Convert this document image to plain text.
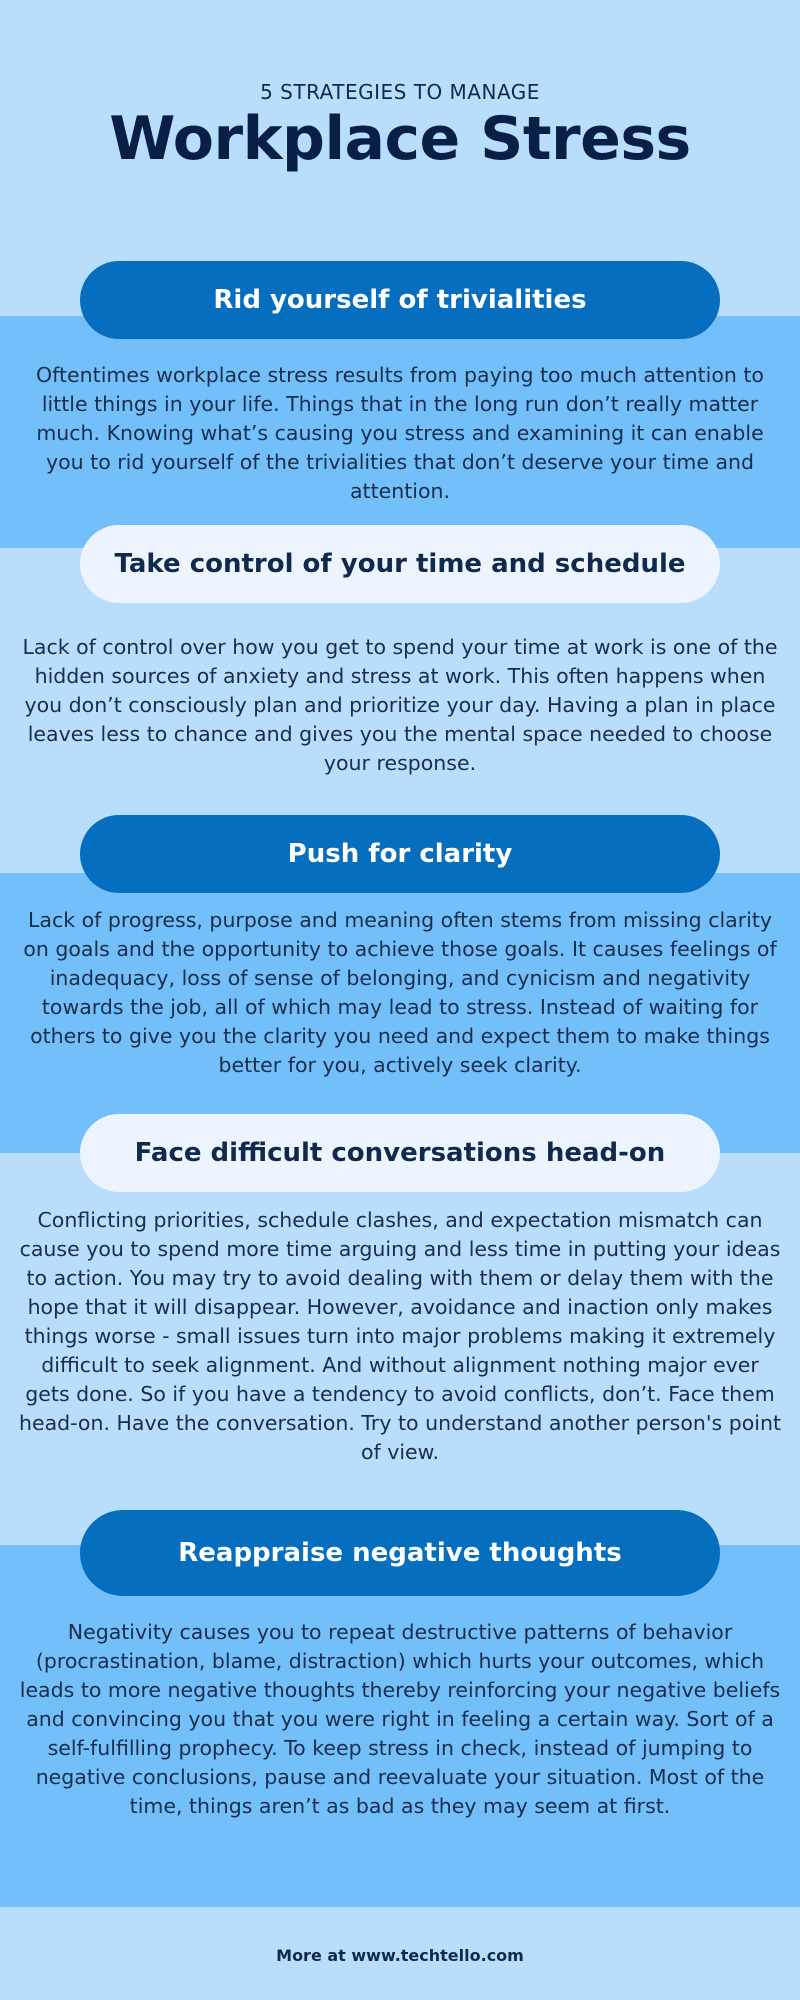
5 STRATEGIES TO MANAGE
Workplace Stress
Rid yourself of trivialities

Oftentimes workplace stress results from paying too much attention to little things in your life. Things that in the long run don’t really matter much. Knowing what’s causing you stress and examining it can enable you to rid yourself of the trivialities that don’t deserve your time and attention.

Take control of your time and schedule

Lack of control over how you get to spend your time at work is one of the hidden sources of anxiety and stress at work. This often happens when you don’t consciously plan and prioritize your day. Having a plan in place leaves less to chance and gives you the mental space needed to choose your response.

Push for clarity

Lack of progress, purpose and meaning often stems from missing clarity on goals and the opportunity to achieve those goals. It causes feelings of inadequacy, loss of sense of belonging, and cynicism and negativity towards the job, all of which may lead to stress. Instead of waiting for others to give you the clarity you need and expect them to make things better for you, actively seek clarity.

Face difficult conversations head-on

Conflicting priorities, schedule clashes, and expectation mismatch can cause you to spend more time arguing and less time in putting your ideas to action. You may try to avoid dealing with them or delay them with the hope that it will disappear. However, avoidance and inaction only makes things worse - small issues turn into major problems making it extremely difficult to seek alignment. And without alignment nothing major ever gets done. So if you have a tendency to avoid conflicts, don’t. Face them head-on. Have the conversation. Try to understand another person's point of view.

Reappraise negative thoughts

Negativity causes you to repeat destructive patterns of behavior (procrastination, blame, distraction) which hurts your outcomes, which leads to more negative thoughts thereby reinforcing your negative beliefs and convincing you that you were right in feeling a certain way. Sort of a self-fulfilling prophecy. To keep stress in check, instead of jumping to negative conclusions, pause and reevaluate your situation. Most of the time, things aren’t as bad as they may seem at first.

More at www.techtello.com
